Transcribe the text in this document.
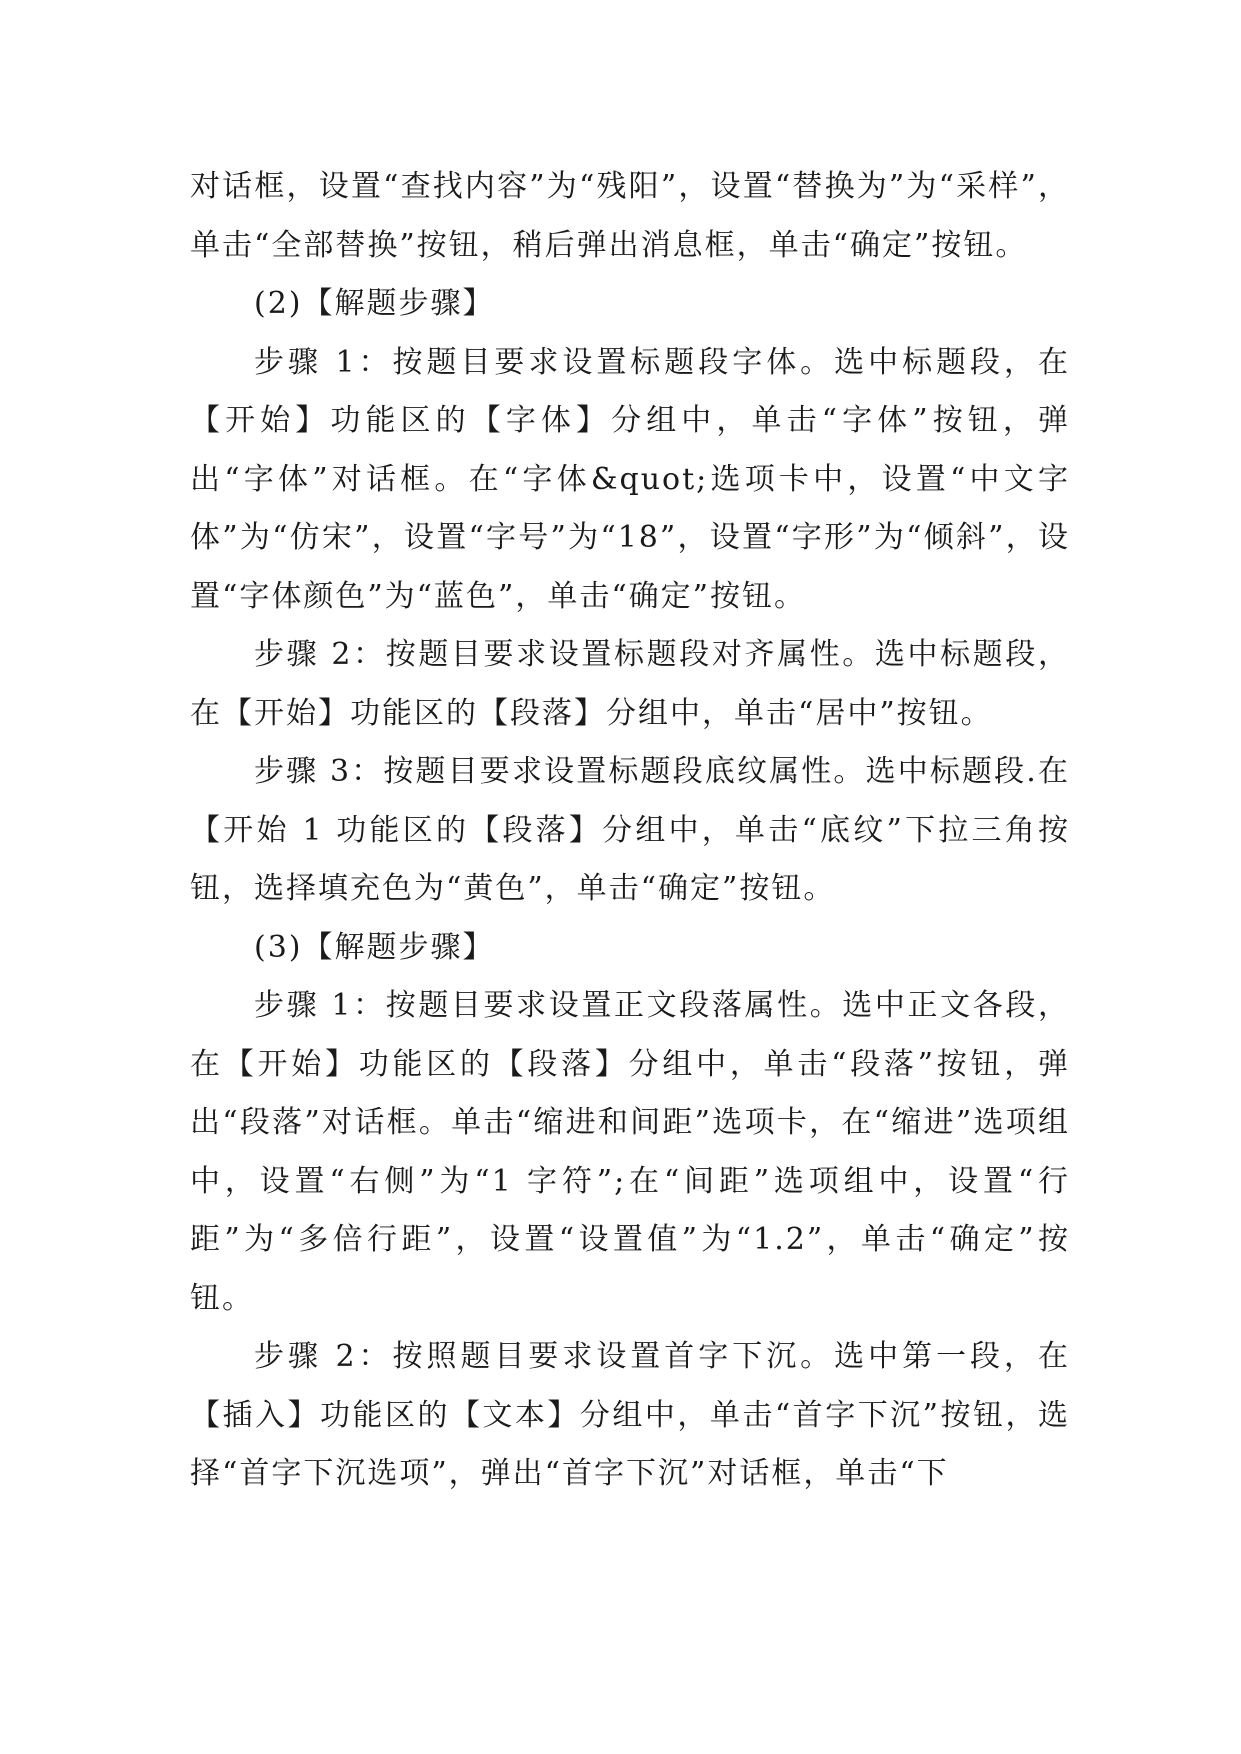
对话框，设置“查找内容”为“残阳”，设置“替换为”为“采样”，单击“全部替换”按钮，稍后弹出消息框，单击“确定”按钮。

(2)【解题步骤】

步骤 1：按题目要求设置标题段字体。选中标题段，在【开始】功能区的【字体】分组中，单击“字体”按钮，弹出“字体”对话框。在“字体&quot;选项卡中，设置“中文字体”为“仿宋”，设置“字号”为“18”，设置“字形”为“倾斜”，设置“字体颜色”为“蓝色”，单击“确定”按钮。

步骤 2：按题目要求设置标题段对齐属性。选中标题段，在【开始】功能区的【段落】分组中，单击“居中”按钮。

步骤 3：按题目要求设置标题段底纹属性。选中标题段.在【开始 1 功能区的【段落】分组中，单击“底纹”下拉三角按钮，选择填充色为“黄色”，单击“确定”按钮。

(3)【解题步骤】

步骤 1：按题目要求设置正文段落属性。选中正文各段，在【开始】功能区的【段落】分组中，单击“段落”按钮，弹出“段落”对话框。单击“缩进和间距”选项卡，在“缩进”选项组中，设置“右侧”为“1 字符”;在“间距”选项组中，设置“行距”为“多倍行距”，设置“设置值”为“1.2”，单击“确定”按钮。

步骤 2：按照题目要求设置首字下沉。选中第一段，在【插入】功能区的【文本】分组中，单击“首字下沉”按钮，选择“首字下沉选项”，弹出“首字下沉”对话框，单击“下
